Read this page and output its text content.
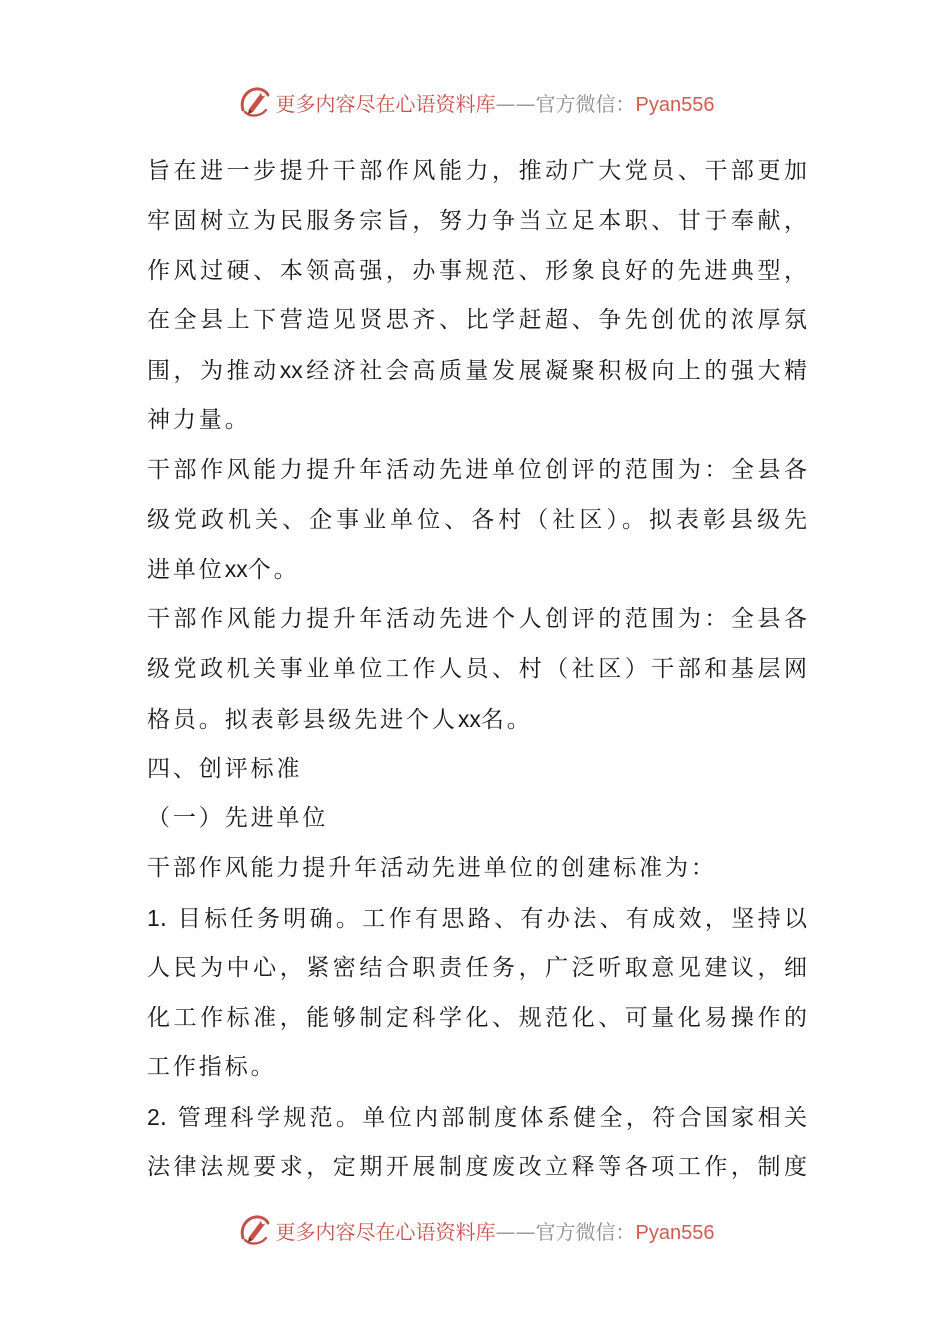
更多内容尽在心语资料库——官方微信：Pyan556
旨在进一步提升干部作风能力，推动广大党员、干部更加
牢固树立为民服务宗旨，努力争当立足本职、甘于奉献，
作风过硬、本领高强，办事规范、形象良好的先进典型，
在全县上下营造见贤思齐、比学赶超、争先创优的浓厚氛
围，为推动xx经济社会高质量发展凝聚积极向上的强大精
神力量。
干部作风能力提升年活动先进单位创评的范围为：全县各
级党政机关、企事业单位、各村（社区）。拟表彰县级先
进单位xx个。
干部作风能力提升年活动先进个人创评的范围为：全县各
级党政机关事业单位工作人员、村（社区）干部和基层网
格员。拟表彰县级先进个人xx名。
四、创评标准
（一）先进单位
干部作风能力提升年活动先进单位的创建标准为：
1. 目标任务明确。工作有思路、有办法、有成效，坚持以
人民为中心，紧密结合职责任务，广泛听取意见建议，细
化工作标准，能够制定科学化、规范化、可量化易操作的
工作指标。
2. 管理科学规范。单位内部制度体系健全，符合国家相关
法律法规要求，定期开展制度废改立释等各项工作，制度
更多内容尽在心语资料库——官方微信：Pyan556
